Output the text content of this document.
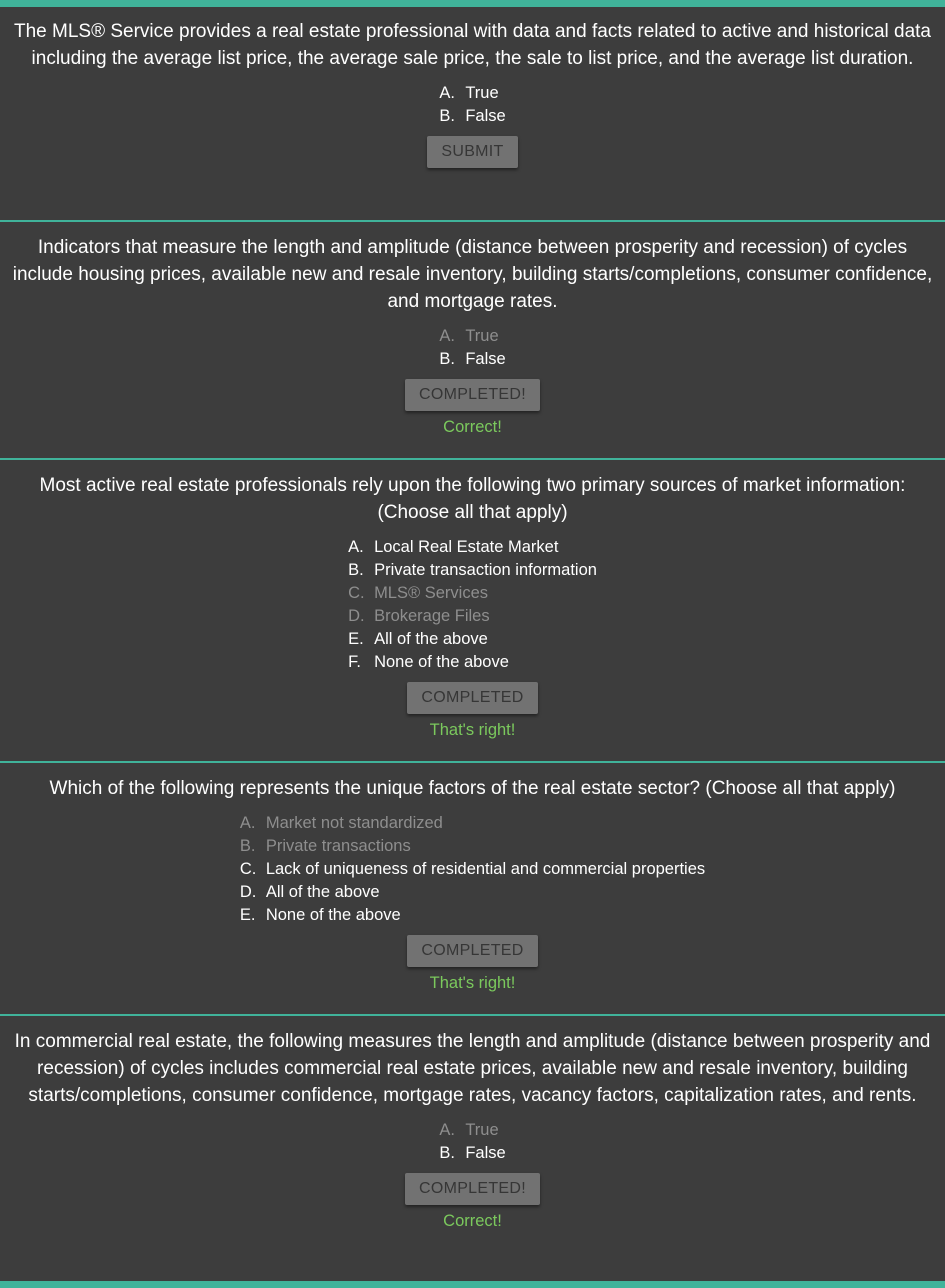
The MLS® Service provides a real estate professional with data and facts related to active and historical data including the average list price, the average sale price, the sale to list price, and the average list duration.

A. True
B. False
SUBMIT

Indicators that measure the length and amplitude (distance between prosperity and recession) of cycles include housing prices, available new and resale inventory, building starts/completions, consumer confidence, and mortgage rates.

A. True
B. False
COMPLETED!
Correct!

Most active real estate professionals rely upon the following two primary sources of market information: (Choose all that apply)

A. Local Real Estate Market
B. Private transaction information
C. MLS® Services
D. Brokerage Files
E. All of the above
F. None of the above
COMPLETED
That's right!

Which of the following represents the unique factors of the real estate sector? (Choose all that apply)

A. Market not standardized
B. Private transactions
C. Lack of uniqueness of residential and commercial properties
D. All of the above
E. None of the above
COMPLETED
That's right!

In commercial real estate, the following measures the length and amplitude (distance between prosperity and recession) of cycles includes commercial real estate prices, available new and resale inventory, building starts/completions, consumer confidence, mortgage rates, vacancy factors, capitalization rates, and rents.

A. True
B. False
COMPLETED!
Correct!
